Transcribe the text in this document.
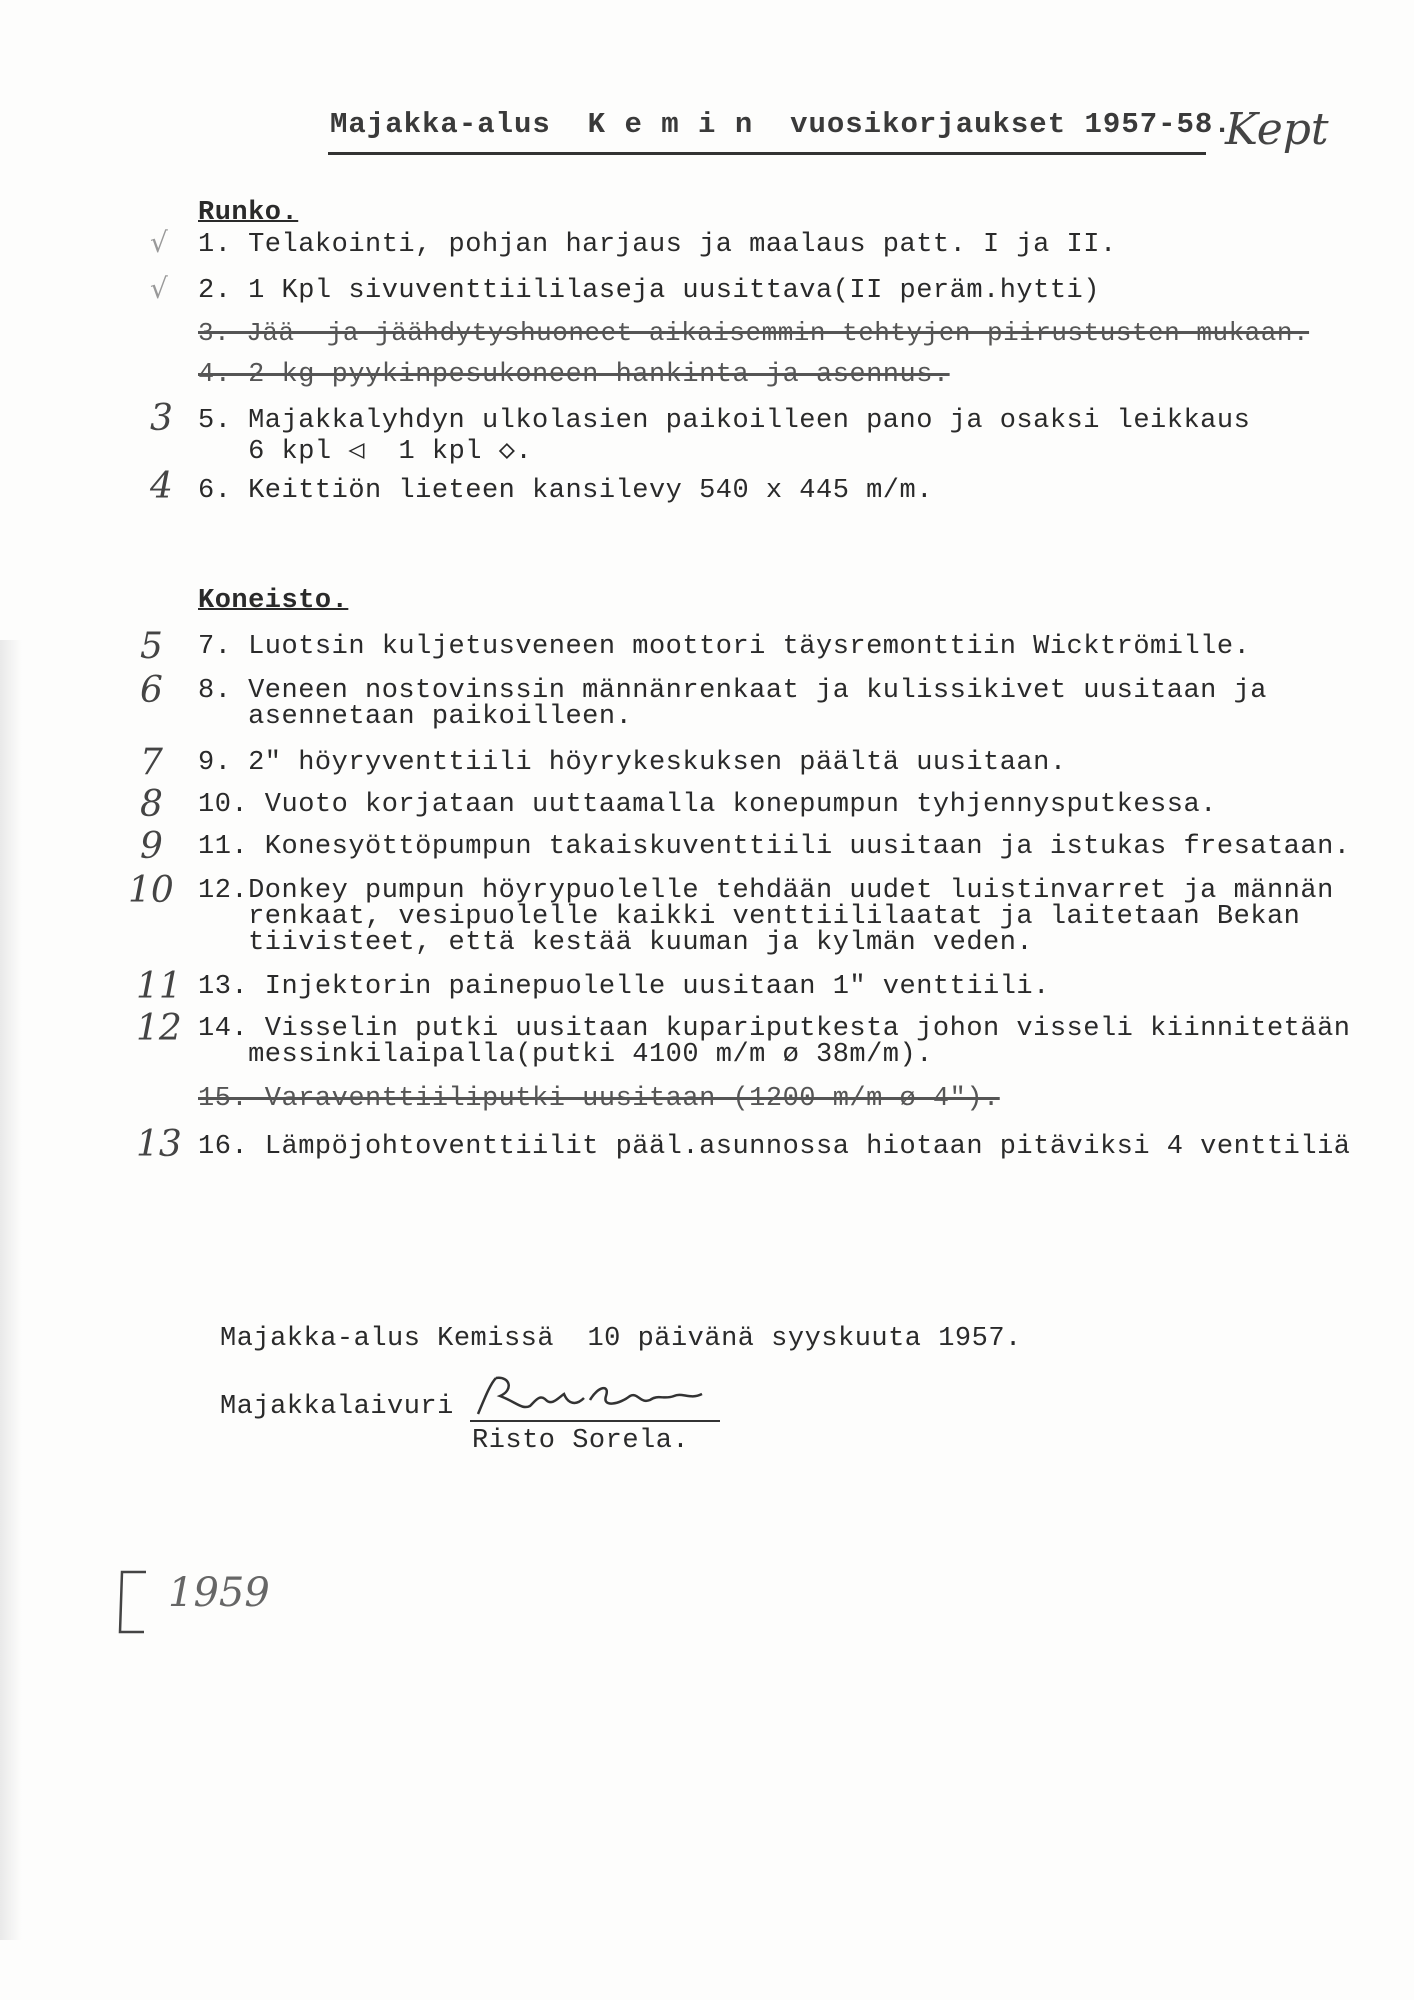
Majakka-alus  K e m i n  vuosikorjaukset 1957-58.
Kept
Runko.
√ 1. Telakointi, pohjan harjaus ja maalaus patt. I ja II.
√ 2. 1 Kpl sivuventtiililaseja uusittava(II peräm.hytti)
3. Jää- ja jäähdytyshuoneet aikaisemmin tehtyjen piirustusten mukaan.
4. 2 kg pyykinpesukoneen hankinta ja asennus.
3 5. Majakkalyhdyn ulkolasien paikoilleen pano ja osaksi leikkaus
6 kpl ◁  1 kpl ◇.
4 6. Keittiön lieteen kansilevy 540 x 445 m/m.
Koneisto.
5 7. Luotsin kuljetusveneen moottori täysremonttiin Wicktrömille.
6 8. Veneen nostovinssin männänrenkaat ja kulissikivet uusitaan ja
asennetaan paikoilleen.
7 9. 2" höyryventtiili höyrykeskuksen päältä uusitaan.
8 10. Vuoto korjataan uuttaamalla konepumpun tyhjennysputkessa.
9 11. Konesyöttöpumpun takaiskuventtiili uusitaan ja istukas fresataan.
10 12.Donkey pumpun höyrypuolelle tehdään uudet luistinvarret ja männän
renkaat, vesipuolelle kaikki venttiililaatat ja laitetaan Bekan
tiivisteet, että kestää kuuman ja kylmän veden.
11 13. Injektorin painepuolelle uusitaan 1" venttiili.
12 14. Visselin putki uusitaan kupariputkesta johon visseli kiinnitetään
messinkilaipalla(putki 4100 m/m ø 38m/m).
15. Varaventtiiliputki uusitaan (1200 m/m ø 4").
13 16. Lämpöjohtoventtiilit pääl.asunnossa hiotaan pitäviksi 4 venttiliä
Majakka-alus Kemissä  10 päivänä syyskuuta 1957.
Majakkalaivuri
Risto Sorela.
1959
